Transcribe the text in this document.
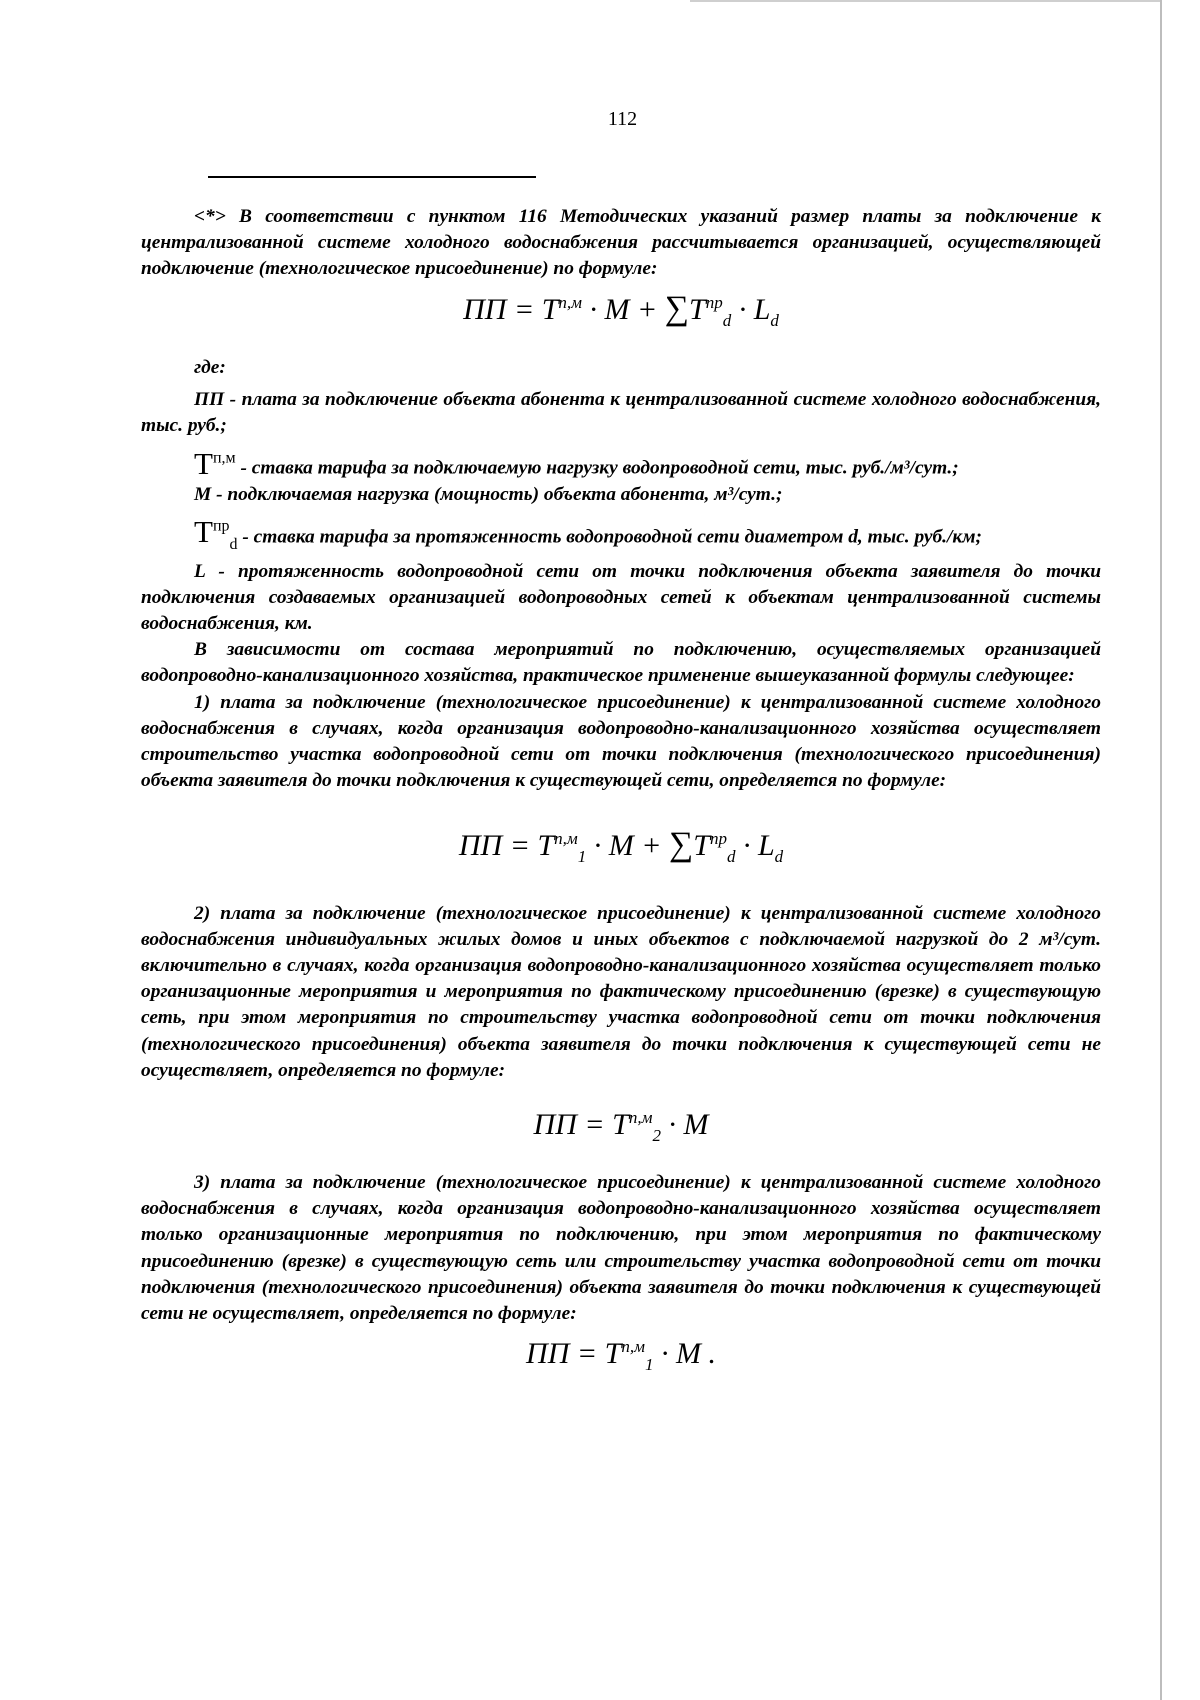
112

<*> В соответствии с пунктом 116 Методических указаний размер платы за подключение к централизованной системе холодного водоснабжения рассчитывается организацией, осуществляющей подключение (технологическое присоединение) по формуле:

ПП = $T^{п,м} \cdot M + \sum T^{пр}_d \cdot L_d$

где:

ПП - плата за подключение объекта абонента к централизованной системе холодного водоснабжения, тыс. руб.;

$T^{п,м}$ - ставка тарифа за подключаемую нагрузку водопроводной сети, тыс. руб./м³/сут.;

M - подключаемая нагрузка (мощность) объекта абонента, м³/сут.;

$T^{пр}_d$ - ставка тарифа за протяженность водопроводной сети диаметром d, тыс. руб./км;

L - протяженность водопроводной сети от точки подключения объекта заявителя до точки подключения создаваемых организацией водопроводных сетей к объектам централизованной системы водоснабжения, км.

В зависимости от состава мероприятий по подключению, осуществляемых организацией водопроводно-канализационного хозяйства, практическое применение вышеуказанной формулы следующее:

1) плата за подключение (технологическое присоединение) к централизованной системе холодного водоснабжения в случаях, когда организация водопроводно-канализационного хозяйства осуществляет строительство участка водопроводной сети от точки подключения (технологического присоединения) объекта заявителя до точки подключения к существующей сети, определяется по формуле:

ПП = $T^{п,м}_1 \cdot M + \sum T^{пр}_d \cdot L_d$

2) плата за подключение (технологическое присоединение) к централизованной системе холодного водоснабжения индивидуальных жилых домов и иных объектов с подключаемой нагрузкой до 2 м³/сут. включительно в случаях, когда организация водопроводно-канализационного хозяйства осуществляет только организационные мероприятия и мероприятия по фактическому присоединению (врезке) в существующую сеть, при этом мероприятия по строительству участка водопроводной сети от точки подключения (технологического присоединения) объекта заявителя до точки подключения к существующей сети не осуществляет, определяется по формуле:

ПП = $T^{п,м}_2 \cdot M$

3) плата за подключение (технологическое присоединение) к централизованной системе холодного водоснабжения в случаях, когда организация водопроводно-канализационного хозяйства осуществляет только организационные мероприятия по подключению, при этом мероприятия по фактическому присоединению (врезке) в существующую сеть или строительству участка водопроводной сети от точки подключения (технологического присоединения) объекта заявителя до точки подключения к существующей сети не осуществляет, определяется по формуле:

ПП = $T^{п,м}_1 \cdot M$ .
